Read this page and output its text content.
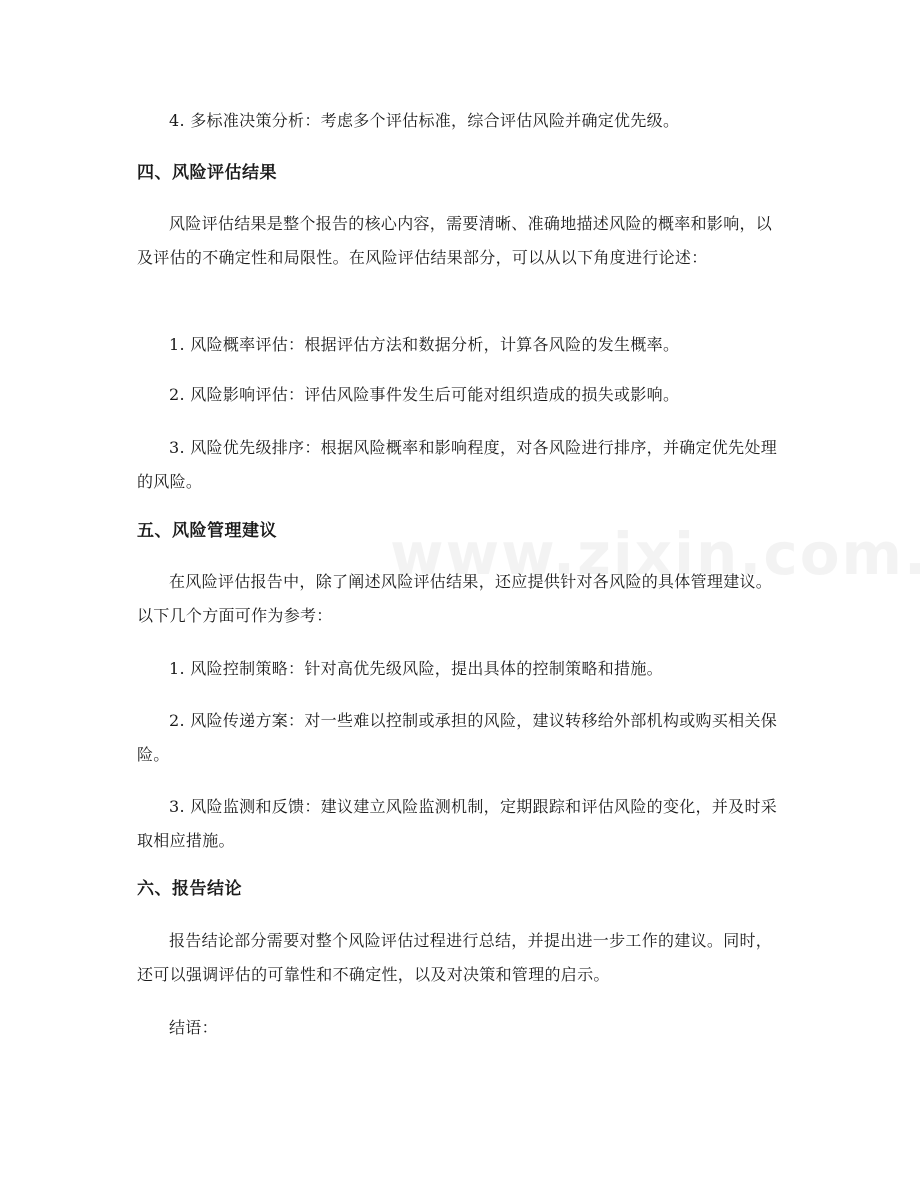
4. 多标准决策分析：考虑多个评估标准，综合评估风险并确定优先级。

四、风险评估结果

风险评估结果是整个报告的核心内容，需要清晰、准确地描述风险的概率和影响，以及评估的不确定性和局限性。在风险评估结果部分，可以从以下角度进行论述：

1. 风险概率评估：根据评估方法和数据分析，计算各风险的发生概率。

2. 风险影响评估：评估风险事件发生后可能对组织造成的损失或影响。

3. 风险优先级排序：根据风险概率和影响程度，对各风险进行排序，并确定优先处理的风险。

五、风险管理建议

在风险评估报告中，除了阐述风险评估结果，还应提供针对各风险的具体管理建议。以下几个方面可作为参考：

1. 风险控制策略：针对高优先级风险，提出具体的控制策略和措施。

2. 风险传递方案：对一些难以控制或承担的风险，建议转移给外部机构或购买相关保险。

3. 风险监测和反馈：建议建立风险监测机制，定期跟踪和评估风险的变化，并及时采取相应措施。

六、报告结论

报告结论部分需要对整个风险评估过程进行总结，并提出进一步工作的建议。同时，还可以强调评估的可靠性和不确定性，以及对决策和管理的启示。

结语：
